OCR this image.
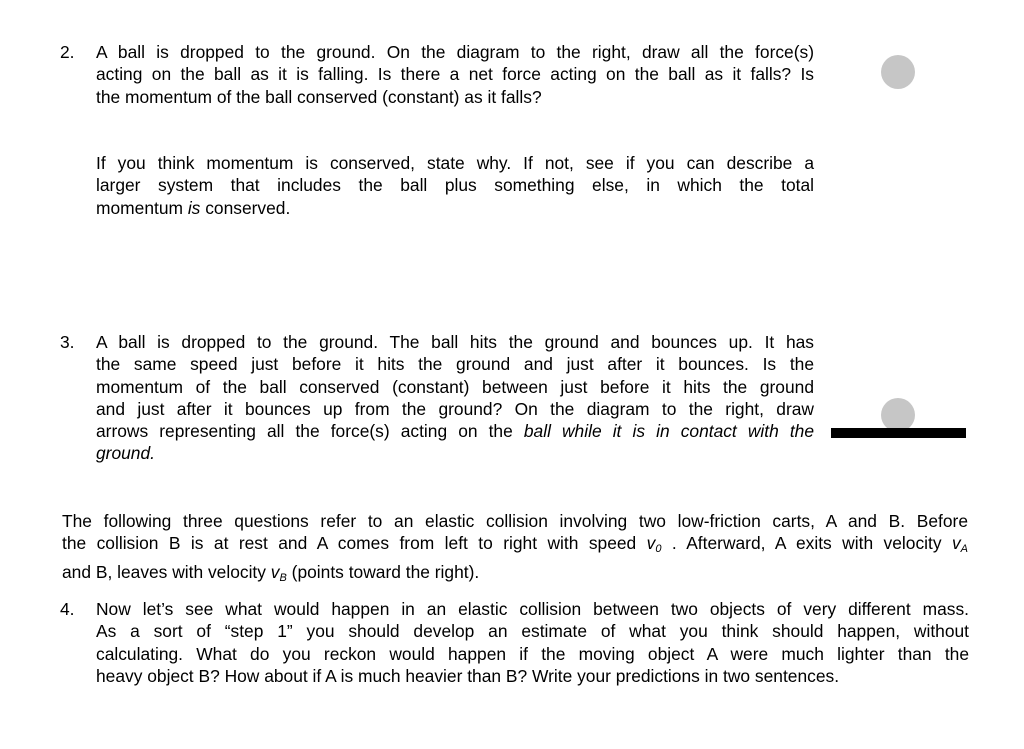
2. A ball is dropped to the ground. On the diagram to the right, draw all the force(s)
acting on the ball as it is falling. Is there a net force acting on the ball as it falls? Is
the momentum of the ball conserved (constant) as it falls?
If you think momentum is conserved, state why. If not, see if you can describe a
larger system that includes the ball plus something else, in which the total
momentum is conserved.
3. A ball is dropped to the ground. The ball hits the ground and bounces up. It has
the same speed just before it hits the ground and just after it bounces. Is the
momentum of the ball conserved (constant) between just before it hits the ground
and just after it bounces up from the ground? On the diagram to the right, draw
arrows representing all the force(s) acting on the ball while it is in contact with the
ground.
The following three questions refer to an elastic collision involving two low-friction carts, A and B. Before
the collision B is at rest and A comes from left to right with speed $v_0$ . Afterward, A exits with velocity $v_A$
and B, leaves with velocity $v_B$ (points toward the right).
4. Now let’s see what would happen in an elastic collision between two objects of very different mass.
As a sort of “step 1” you should develop an estimate of what you think should happen, without
calculating. What do you reckon would happen if the moving object A were much lighter than the
heavy object B? How about if A is much heavier than B? Write your predictions in two sentences.
